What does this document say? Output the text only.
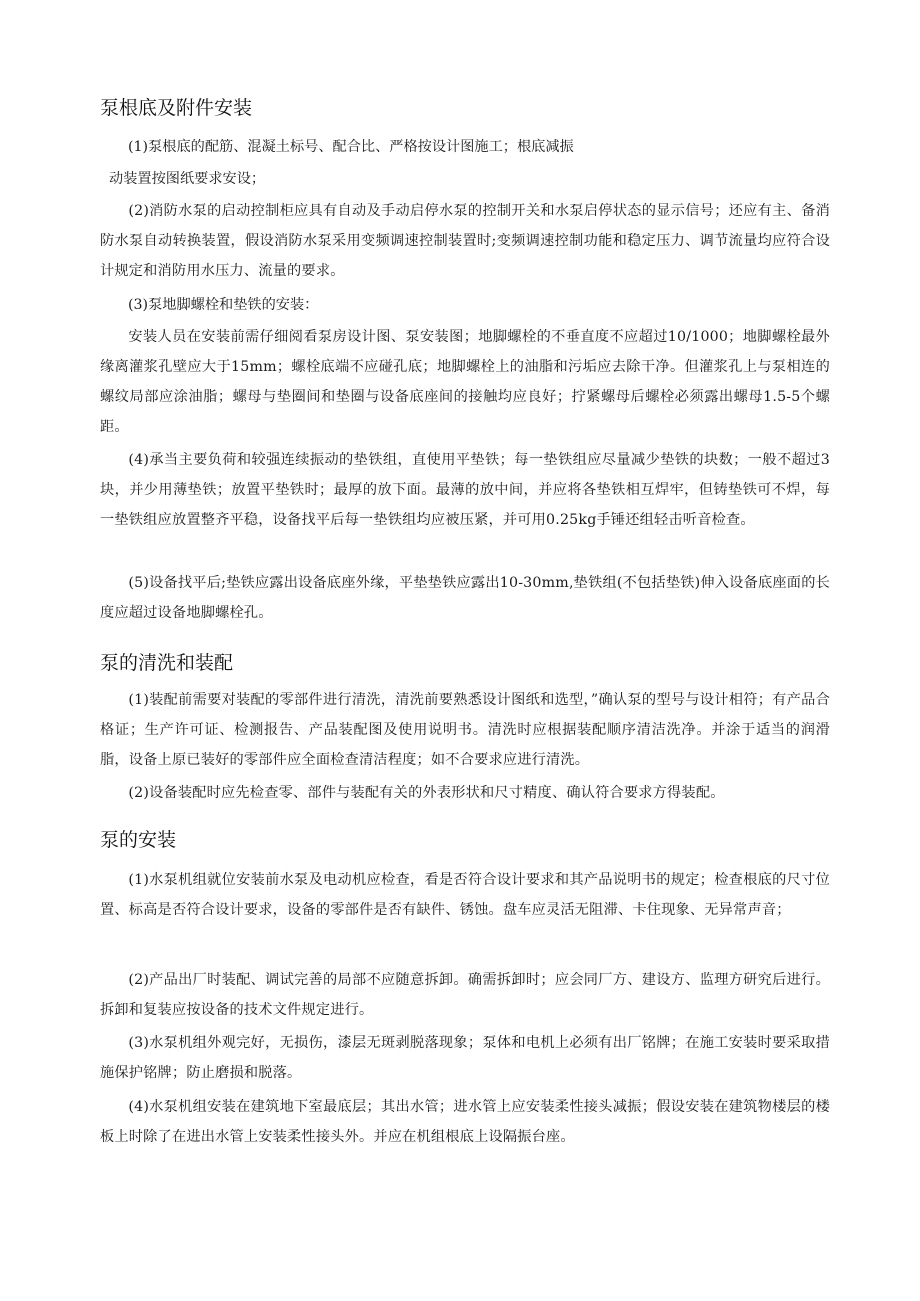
泵根底及附件安装

(1)泵根底的配筋、混凝土标号、配合比、严格按设计图施工；根底减振

动装置按图纸要求安设；

(2)消防水泵的启动控制柜应具有自动及手动启停水泵的控制开关和水泵启停状态的显示信号；还应有主、备消防水泵自动转换装置，假设消防水泵采用变频调速控制装置时;变频调速控制功能和稳定压力、调节流量均应符合设计规定和消防用水压力、流量的要求。

(3)泵地脚螺栓和垫铁的安装：

安装人员在安装前需仔细阅看泵房设计图、泵安装图；地脚螺栓的不垂直度不应超过10/1000；地脚螺栓最外缘离灌浆孔壁应大于15mm；螺栓底端不应碰孔底；地脚螺栓上的油脂和污垢应去除干净。但灌浆孔上与泵相连的螺纹局部应涂油脂；螺母与垫圈间和垫圈与设备底座间的接触均应良好；拧紧螺母后螺栓必须露出螺母1.5-5个螺距。

(4)承当主要负荷和较强连续振动的垫铁组，直使用平垫铁；每一垫铁组应尽量减少垫铁的块数；一般不超过3块，并少用薄垫铁；放置平垫铁时；最厚的放下面。最薄的放中间，并应将各垫铁相互焊牢，但铸垫铁可不焊，每一垫铁组应放置整齐平稳，设备找平后每一垫铁组均应被压紧，并可用0.25kg手锤还组轻击听音检查。

(5)设备找平后;垫铁应露出设备底座外缘，平垫垫铁应露出10-30mm,垫铁组(不包括垫铁)伸入设备底座面的长度应超过设备地脚螺栓孔。

泵的清洗和装配

(1)装配前需要对装配的零部件进行清洗，清洗前要熟悉设计图纸和选型，”确认泵的型号与设计相符；有产品合格证；生产许可证、检测报告、产品装配图及使用说明书。清洗时应根据装配顺序清洁洗净。并涂于适当的润滑脂，设备上原已装好的零部件应全面检查清洁程度；如不合要求应进行清洗。

(2)设备装配时应先检查零、部件与装配有关的外表形状和尺寸精度、确认符合要求方得装配。

泵的安装

(1)水泵机组就位安装前水泵及电动机应检查，看是否符合设计要求和其产品说明书的规定；检查根底的尺寸位置、标高是否符合设计要求，设备的零部件是否有缺件、锈蚀。盘车应灵活无阻滞、卡住现象、无异常声音；

(2)产品出厂时装配、调试完善的局部不应随意拆卸。确需拆卸时；应会同厂方、建设方、监理方研究后进行。拆卸和复装应按设备的技术文件规定进行。

(3)水泵机组外观完好，无损伤，漆层无斑剥脱落现象；泵体和电机上必须有出厂铭牌；在施工安装时要采取措施保护铭牌；防止磨损和脱落。

(4)水泵机组安装在建筑地下室最底层；其出水管；进水管上应安装柔性接头减振；假设安装在建筑物楼层的楼板上时除了在进出水管上安装柔性接头外。并应在机组根底上设隔振台座。
